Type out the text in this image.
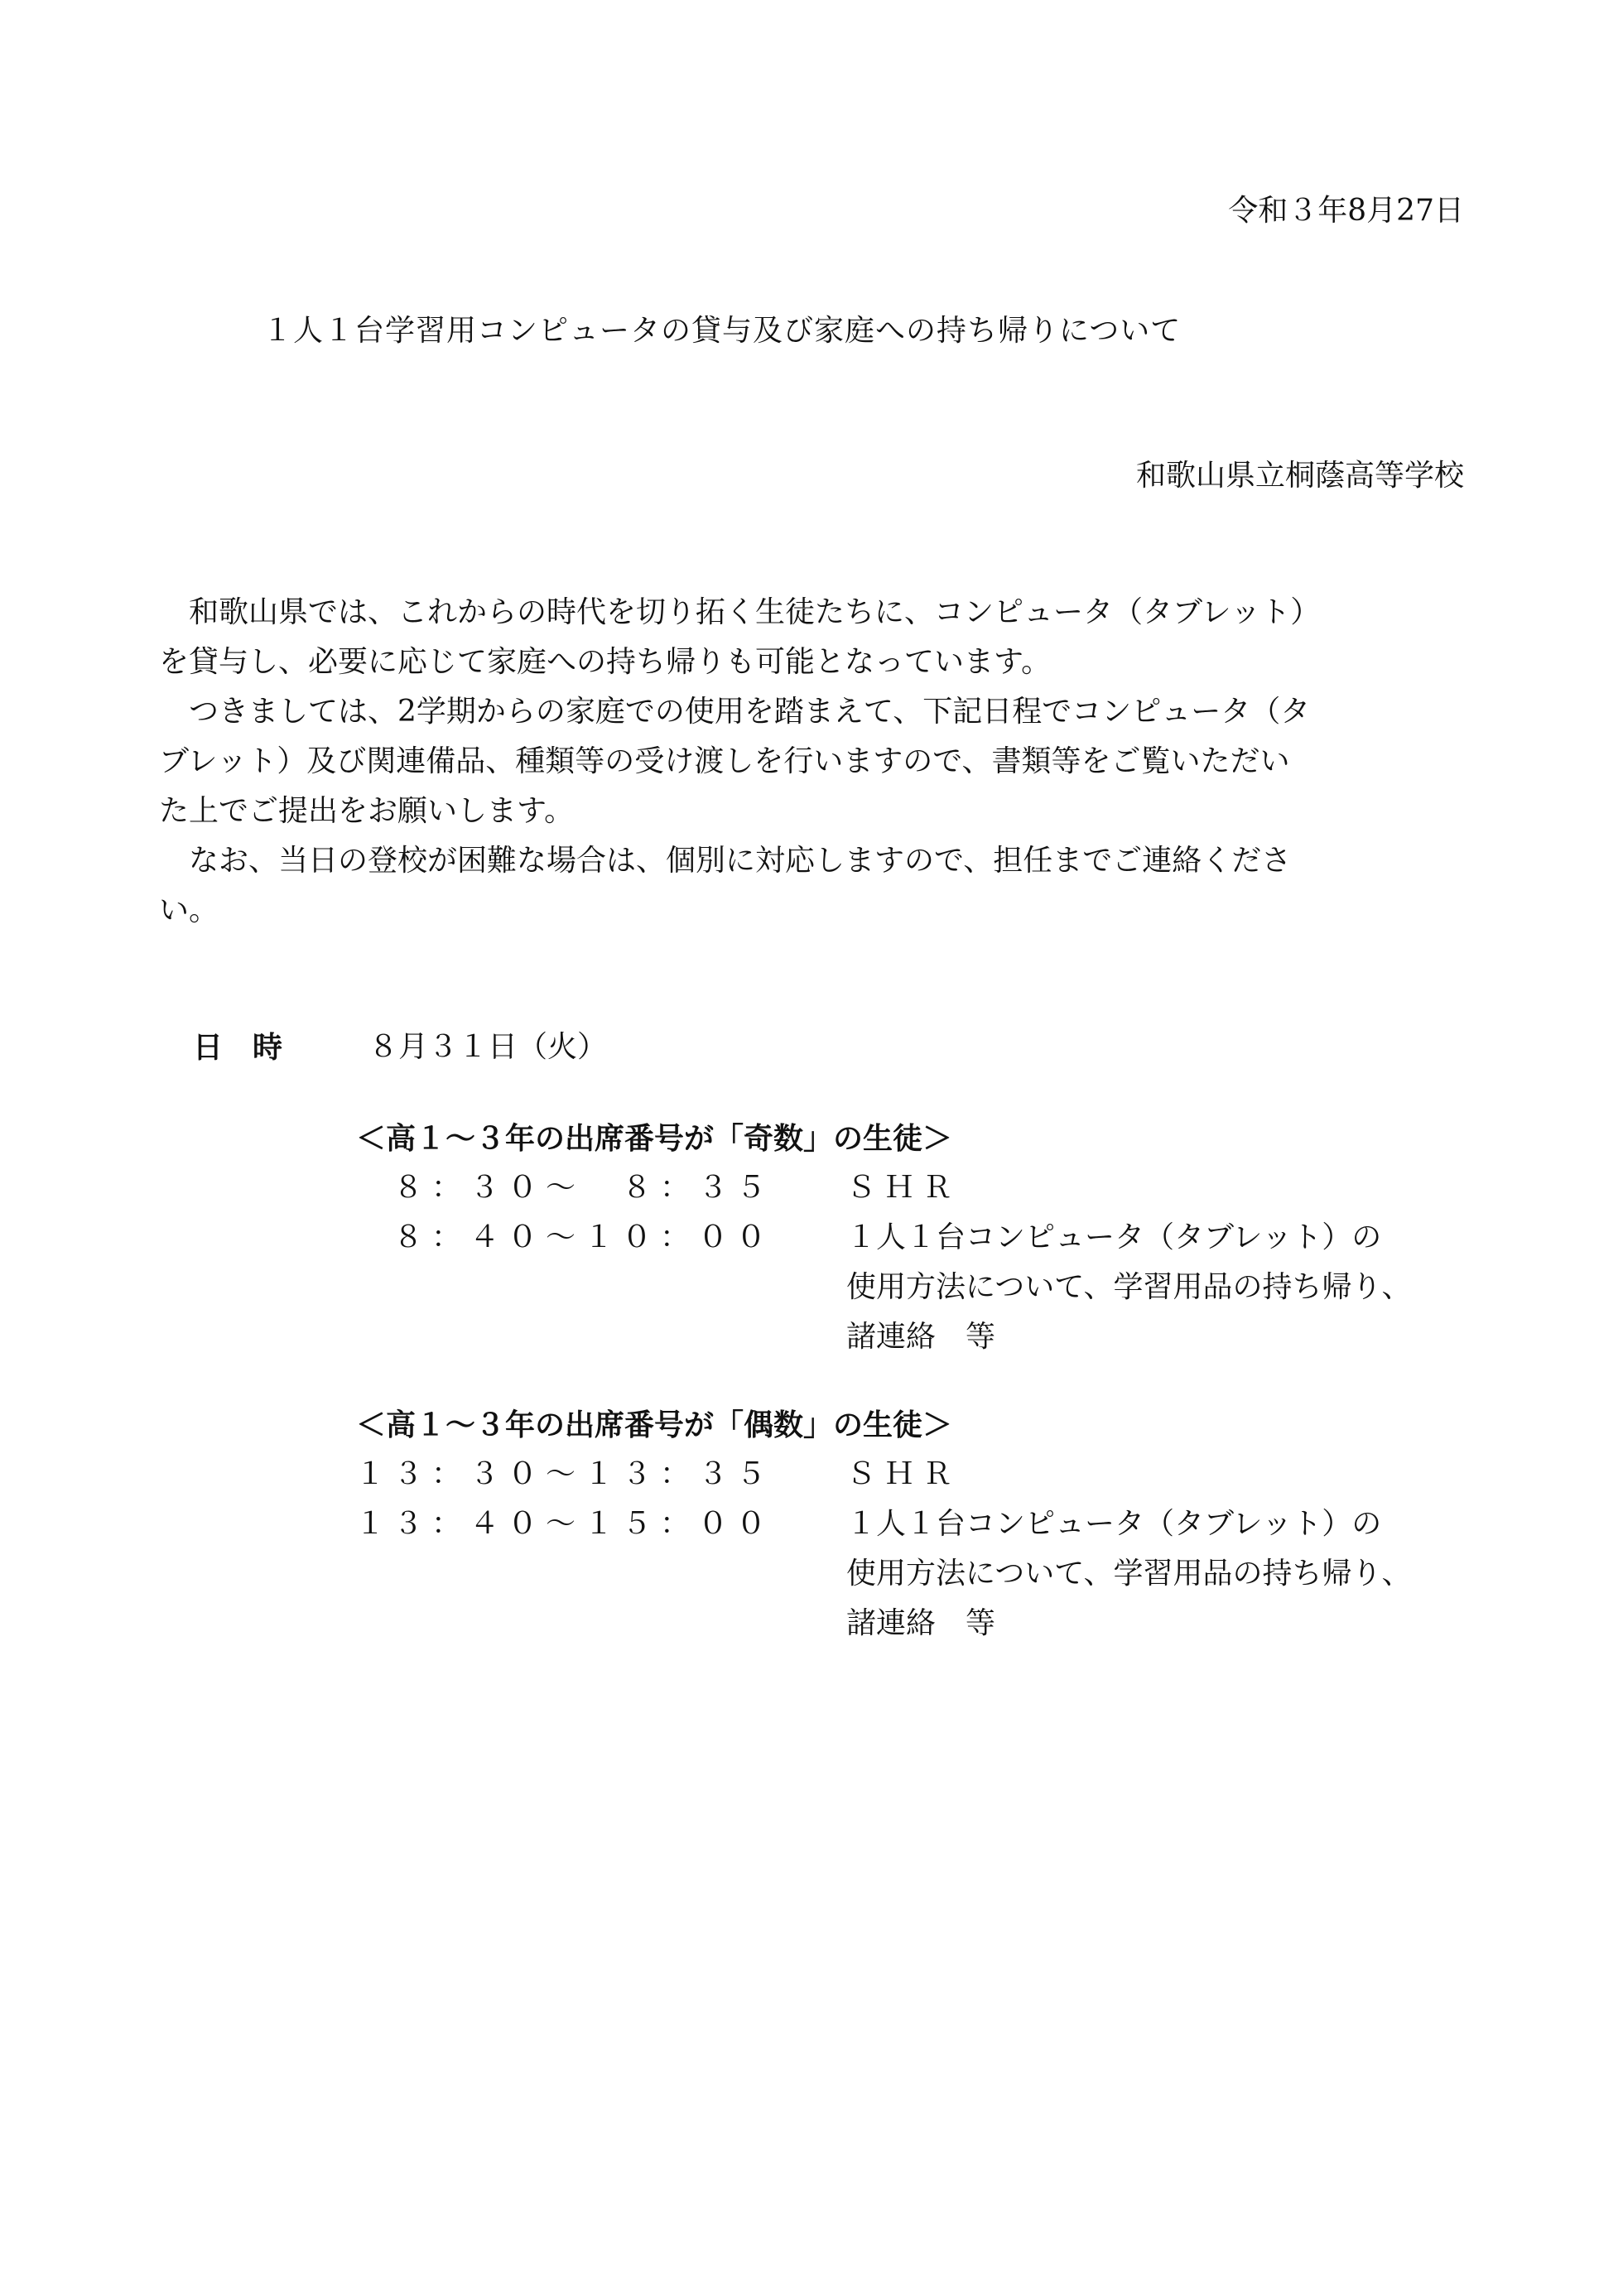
令和３年8月27日
１人１台学習用コンピュータの貸与及び家庭への持ち帰りについて
和歌山県立桐蔭高等学校
　和歌山県では、これからの時代を切り拓く生徒たちに、コンピュータ（タブレット）
を貸与し、必要に応じて家庭への持ち帰りも可能となっています。
　つきましては、2学期からの家庭での使用を踏まえて、下記日程でコンピュータ（タ
ブレット）及び関連備品、種類等の受け渡しを行いますので、書類等をご覧いただい
た上でご提出をお願いします。
　なお、当日の登校が困難な場合は、個別に対応しますので、担任までご連絡くださ
い。
日　時	８月３１日（火）
＜高１～３年の出席番号が「奇数」の生徒＞
８：３０～　８：３５ ＳＨＲ
８：４０～１０：００ １人１台コンピュータ（タブレット）の
使用方法について、学習用品の持ち帰り、
諸連絡　等
＜高１～３年の出席番号が「偶数」の生徒＞
１３：３０～１３：３５ ＳＨＲ
１３：４０～１５：００ １人１台コンピュータ（タブレット）の
使用方法について、学習用品の持ち帰り、
諸連絡　等
